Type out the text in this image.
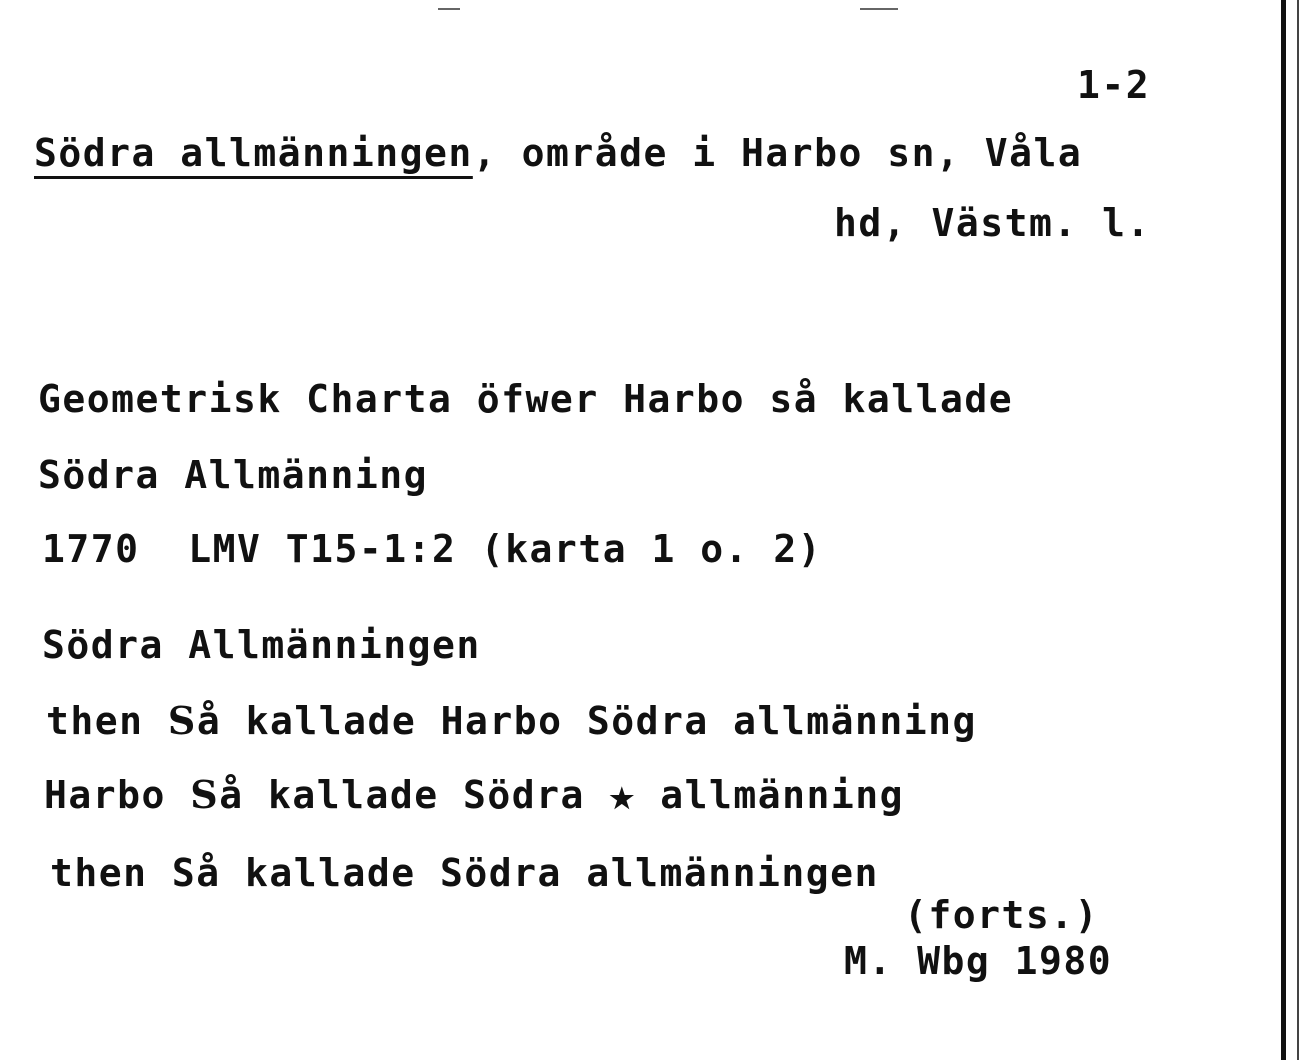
1-2
Södra allmänningen, område i Harbo sn, Våla
hd, Västm. l.
Geometrisk Charta öfwer Harbo så kallade
Södra Allmänning
1770  LMV T15-1:2 (karta 1 o. 2)
Södra Allmänningen
then Så kallade Harbo Södra allmänning
Harbo Så kallade Södra ★ allmänning
then Så kallade Södra allmänningen
(forts.)
M. Wbg 1980
